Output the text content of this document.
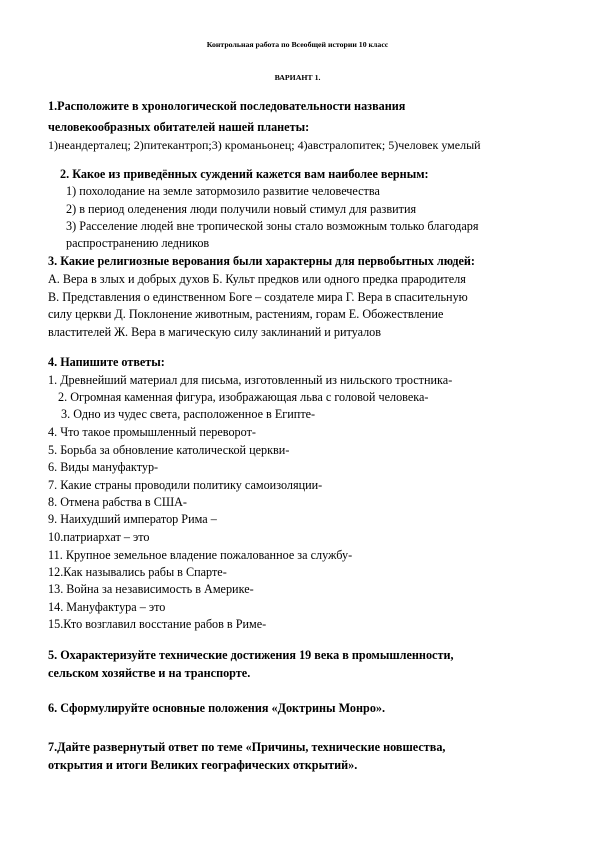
Контрольная работа по Всеобщей истории 10 класс
ВАРИАНТ 1.
1.Расположите в хронологической последовательности названия
человекообразных обитателей нашей планеты:
1)неандерталец; 2)питекантроп;3) кроманьонец; 4)австралопитек; 5)человек умелый
2. Какое из приведённых суждений кажется вам наиболее верным:
1) похолодание на земле затормозило развитие человечества
2) в период оледенения люди получили новый стимул для развития
3) Расселение людей вне тропической зоны стало возможным только благодаря
распространению ледников
3. Какие религиозные верования были характерны для первобытных людей:
А. Вера в злых и добрых духов Б. Культ предков или одного предка прародителя
В. Представления о единственном Боге – создателе мира Г. Вера в спасительную
силу церкви Д. Поклонение животным, растениям, горам Е. Обожествление
властителей Ж. Вера в магическую силу заклинаний и ритуалов
4. Напишите ответы:
1. Древнейший материал для письма, изготовленный из нильского тростника-
2. Огромная каменная фигура, изображающая льва с головой человека-
3. Одно из чудес света, расположенное в Египте-
4. Что такое промышленный переворот-
5. Борьба за обновление католической церкви-
6. Виды мануфактур-
7. Какие страны проводили политику самоизоляции-
8. Отмена рабства в США-
9. Наихудший император Рима –
10.патриархат – это
11. Крупное земельное владение пожалованное за службу-
12.Как назывались рабы в Спарте-
13. Война за независимость в Америке-
14. Мануфактура – это
15.Кто возглавил восстание рабов в Риме-
5. Охарактеризуйте технические достижения 19 века в промышленности,
сельском хозяйстве и на транспорте.
6. Сформулируйте основные положения «Доктрины Монро».
7.Дайте развернутый ответ по теме «Причины, технические новшества,
открытия и итоги Великих географических открытий».
